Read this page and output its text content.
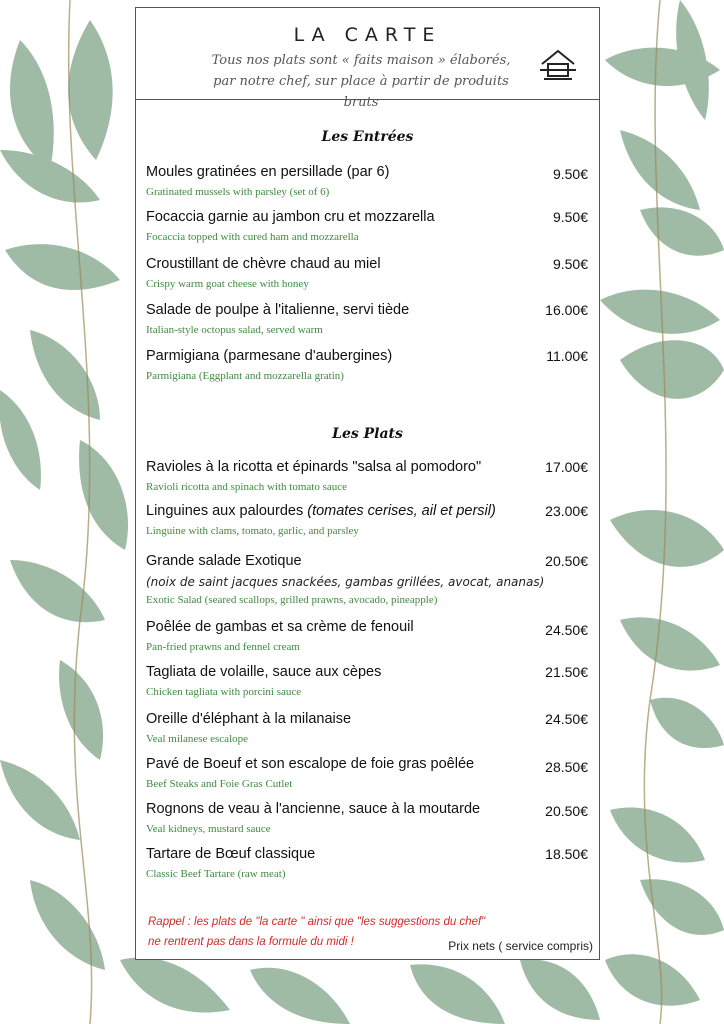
LA CARTE
Tous nos plats sont « faits maison » élaborés,
par notre chef, sur place à partir de produits bruts
Les Entrées
Moules gratinées en persillade (par 6)	9.50€
Gratinated mussels with parsley (set of 6)
Focaccia garnie au jambon cru et mozzarella	9.50€
Focaccia topped with cured ham and mozzarella
Croustillant de chèvre chaud au miel	9.50€
Crispy warm goat cheese with honey
Salade de poulpe à l'italienne, servi tiède	16.00€
Italian-style octopus salad, served warm
Parmigiana (parmesane d'aubergines)	11.00€
Parmigiana (Eggplant and mozzarella gratin)
Les Plats
Ravioles à la ricotta et épinards "salsa al pomodoro"	17.00€
Ravioli ricotta and spinach with tomato sauce
Linguines aux palourdes (tomates cerises, ail et persil)	23.00€
Linguine with clams, tomato, garlic, and parsley
Grande salade Exotique	20.50€
(noix de saint jacques snackées, gambas grillées, avocat, ananas)
Exotic Salad (seared scallops, grilled prawns, avocado, pineapple)
Poêlée de gambas et sa crème de fenouil	24.50€
Pan-fried prawns and fennel cream
Tagliata de volaille, sauce aux cèpes	21.50€
Chicken tagliata with porcini sauce
Oreille d'éléphant à la milanaise	24.50€
Veal milanese escalope
Pavé de Boeuf et son escalope de foie gras poêlée	28.50€
Beef Steaks and Foie Gras Cutlet
Rognons de veau à l'ancienne, sauce à la moutarde	20.50€
Veal kidneys, mustard sauce
Tartare de Bœuf classique	18.50€
Classic Beef Tartare (raw meat)
Rappel : les plats de "la carte " ainsi que "les suggestions du chef"
ne rentrent pas dans la formule du midi !	Prix nets ( service compris)
